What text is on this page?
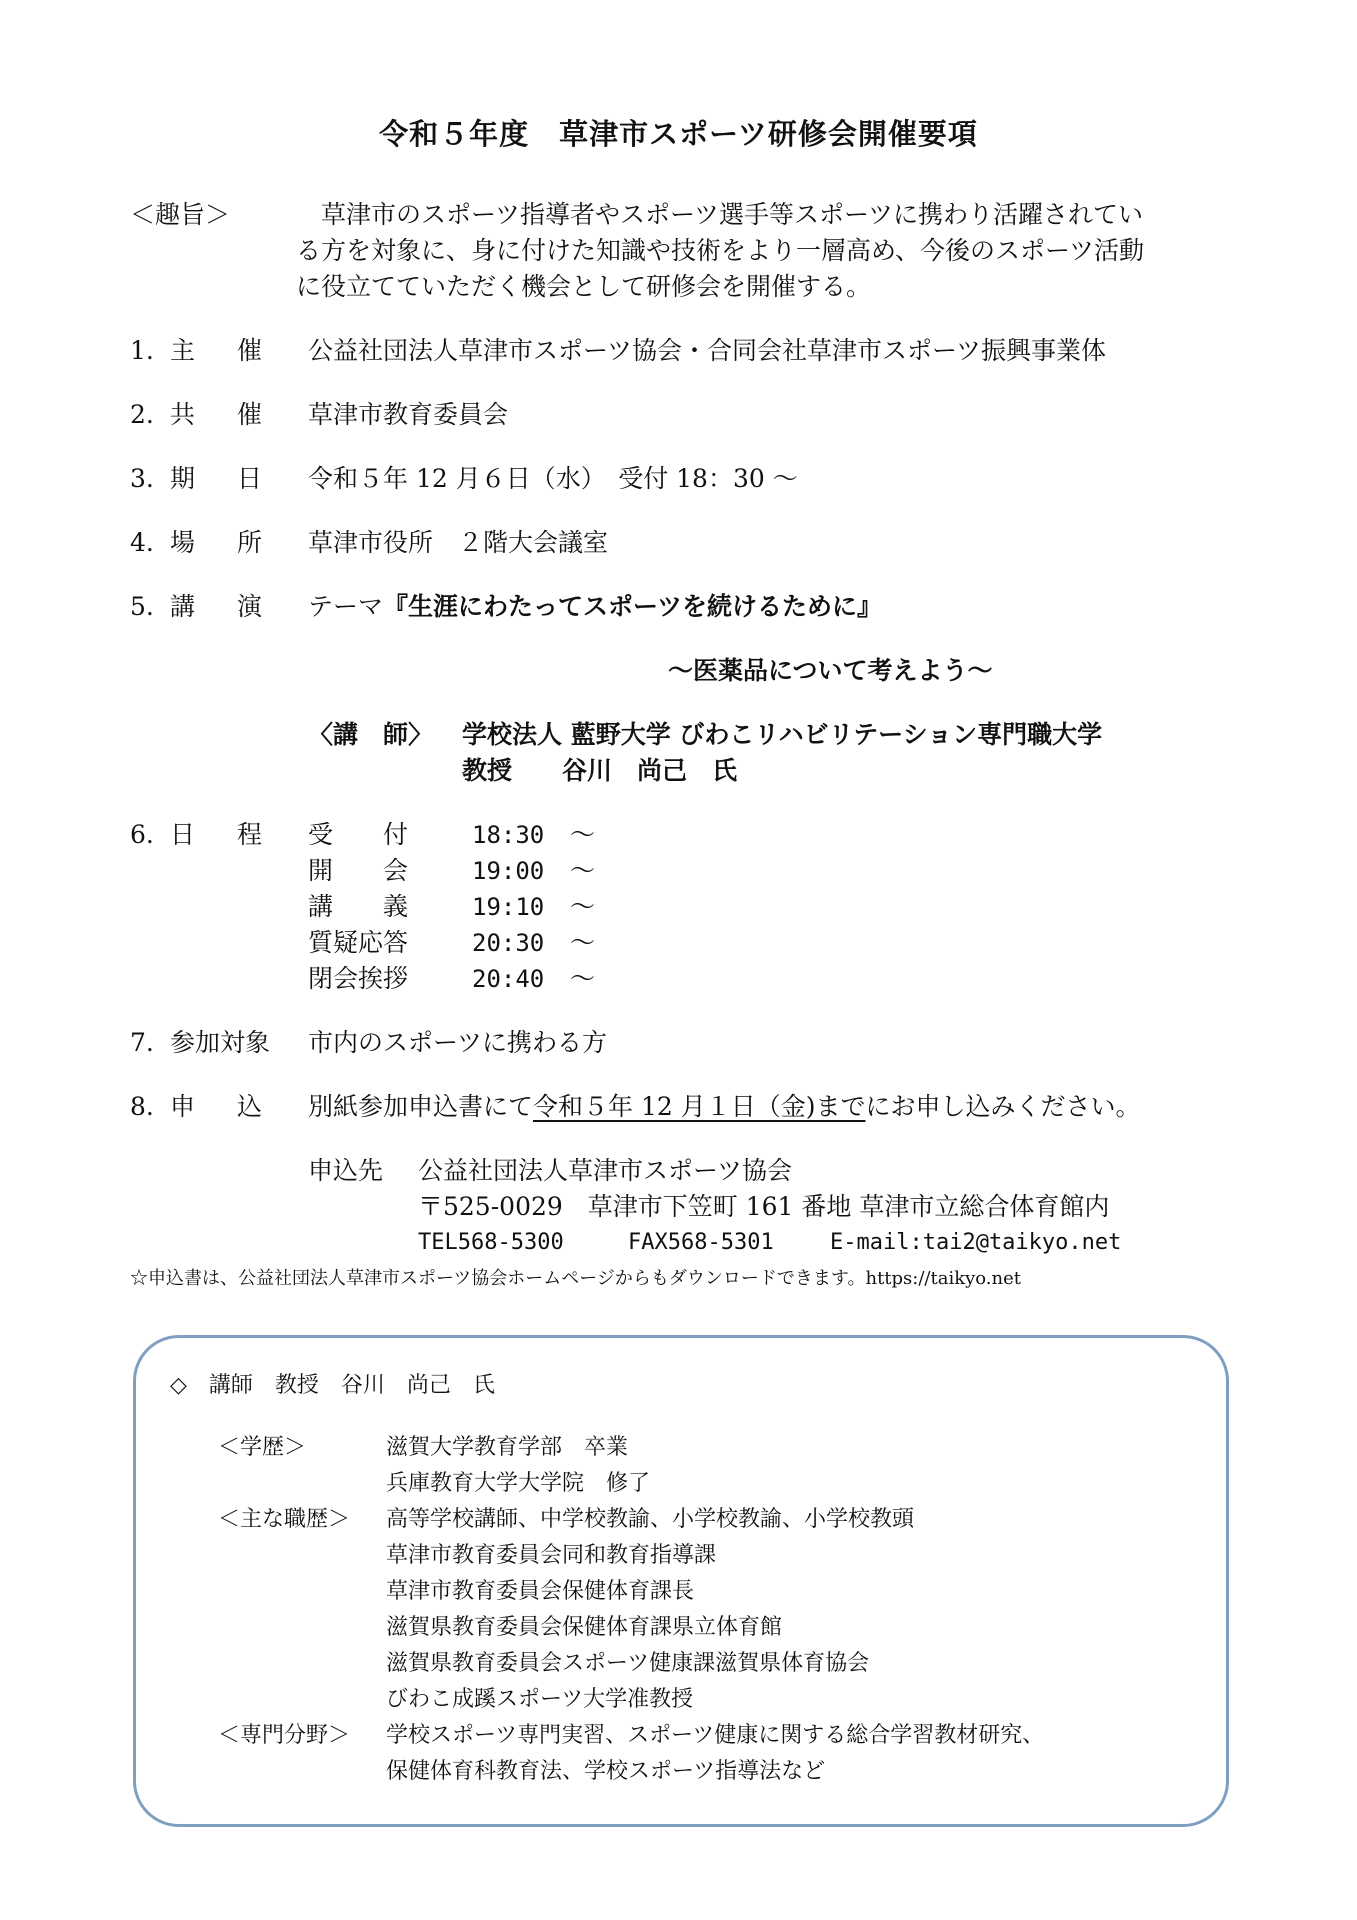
令和５年度　草津市スポーツ研修会開催要項
＜趣旨＞	　草津市のスポーツ指導者やスポーツ選手等スポーツに携わり活躍されてい
る方を対象に、身に付けた知識や技術をより一層高め、今後のスポーツ活動
に役立てていただく機会として研修会を開催する。
1. 主 催 公益社団法人草津市スポーツ協会・合同会社草津市スポーツ振興事業体
2. 共 催 草津市教育委員会
3. 期 日 令和５年 12 月６日（水）　受付 18：30 ～
4. 場 所 草津市役所　２階大会議室
5. 講 演 テーマ『生涯にわたってスポーツを続けるために』
～医薬品について考えよう～
〈講　師〉 学校法人 藍野大学 びわこリハビリテーション専門職大学
教授　　谷川　尚己　氏
6. 日 程 受　　付	18:30 ～
開　　会	19:00 ～
講　　義	19:10 ～
質疑応答	20:30 ～
閉会挨拶	20:40 ～
7. 参加対象	市内のスポーツに携わる方
8. 申 込 別紙参加申込書にて令和５年 12 月１日（金)までにお申し込みください。
申込先 公益社団法人草津市スポーツ協会
〒525-0029　草津市下笠町 161 番地 草津市立総合体育館内
TEL568-5300	FAX568-5301	E-mail:tai2@taikyo.net
☆申込書は、公益社団法人草津市スポーツ協会ホームページからもダウンロードできます。https://taikyo.net
◇　講師　教授　谷川　尚己　氏
＜学歴＞	滋賀大学教育学部　卒業
兵庫教育大学大学院　修了
＜主な職歴＞ 高等学校講師、中学校教諭、小学校教諭、小学校教頭
草津市教育委員会同和教育指導課
草津市教育委員会保健体育課長
滋賀県教育委員会保健体育課県立体育館
滋賀県教育委員会スポーツ健康課滋賀県体育協会
びわこ成蹊スポーツ大学准教授
＜専門分野＞ 学校スポーツ専門実習、スポーツ健康に関する総合学習教材研究、
保健体育科教育法、学校スポーツ指導法など
